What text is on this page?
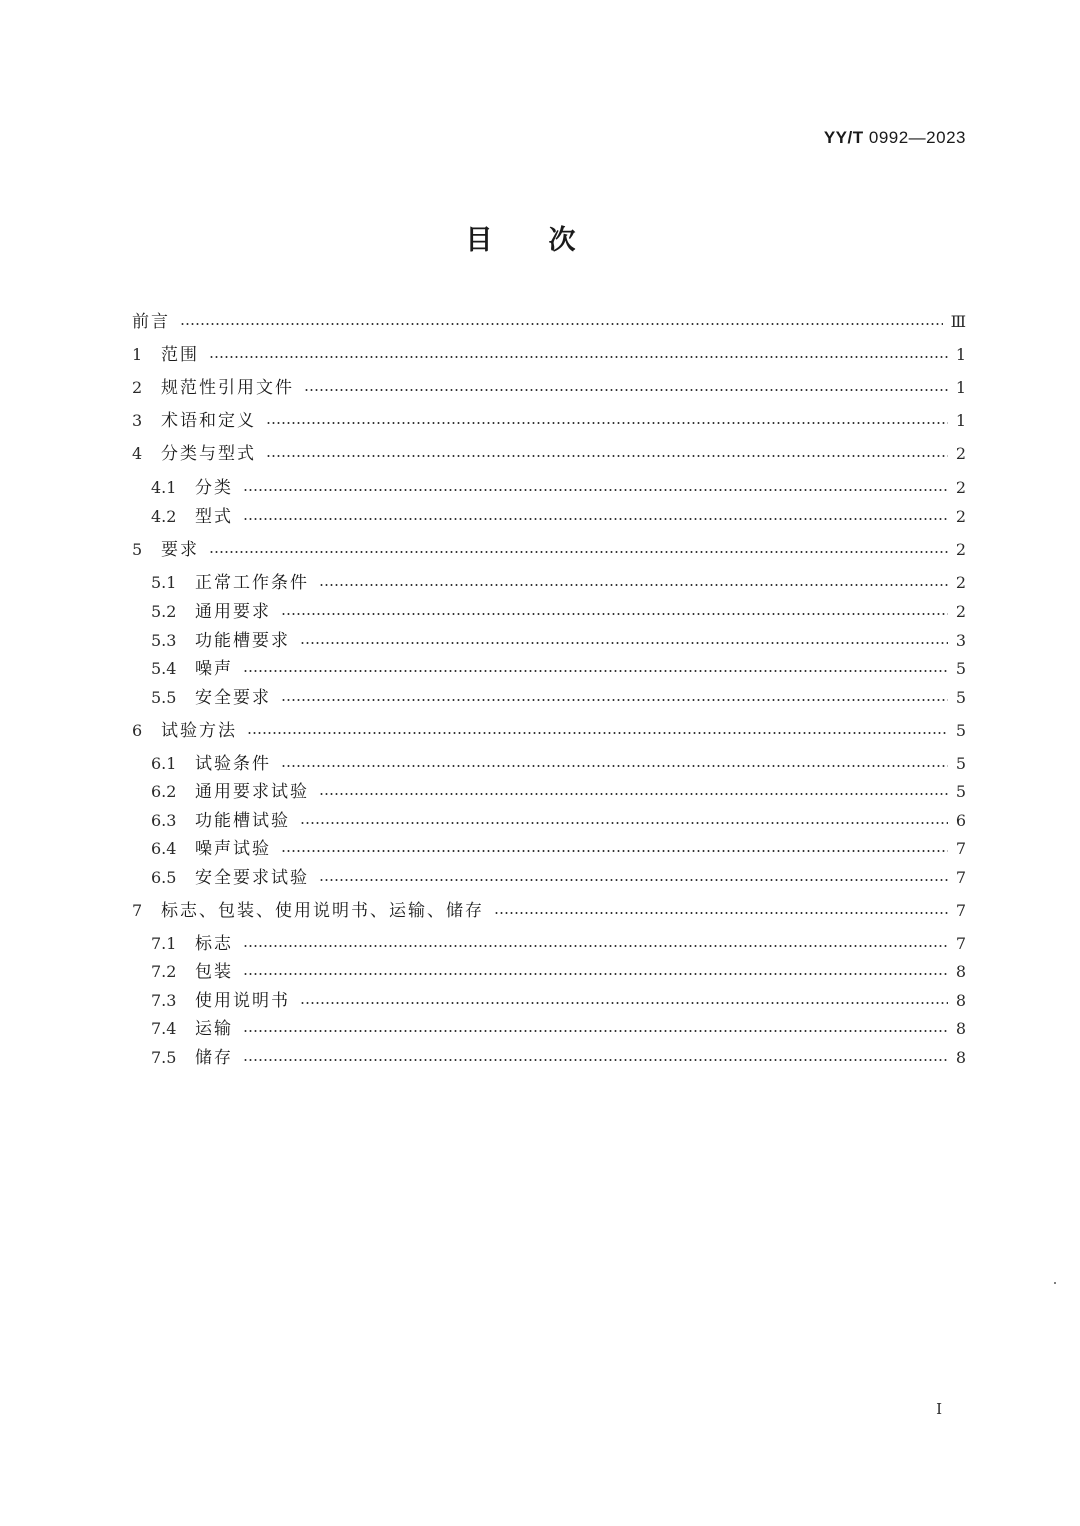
YY/T 0992—2023
目次
前言	Ⅲ
1	范围	1
2	规范性引用文件	1
3	术语和定义	1
4	分类与型式	2
4.1	分类	2
4.2	型式	2
5	要求	2
5.1	正常工作条件	2
5.2	通用要求	2
5.3	功能槽要求	3
5.4	噪声	5
5.5	安全要求	5
6	试验方法	5
6.1	试验条件	5
6.2	通用要求试验	5
6.3	功能槽试验	6
6.4	噪声试验	7
6.5	安全要求试验	7
7	标志、包装、使用说明书、运输、储存	7
7.1	标志	7
7.2	包装	8
7.3	使用说明书	8
7.4	运输	8
7.5	储存	8
I
